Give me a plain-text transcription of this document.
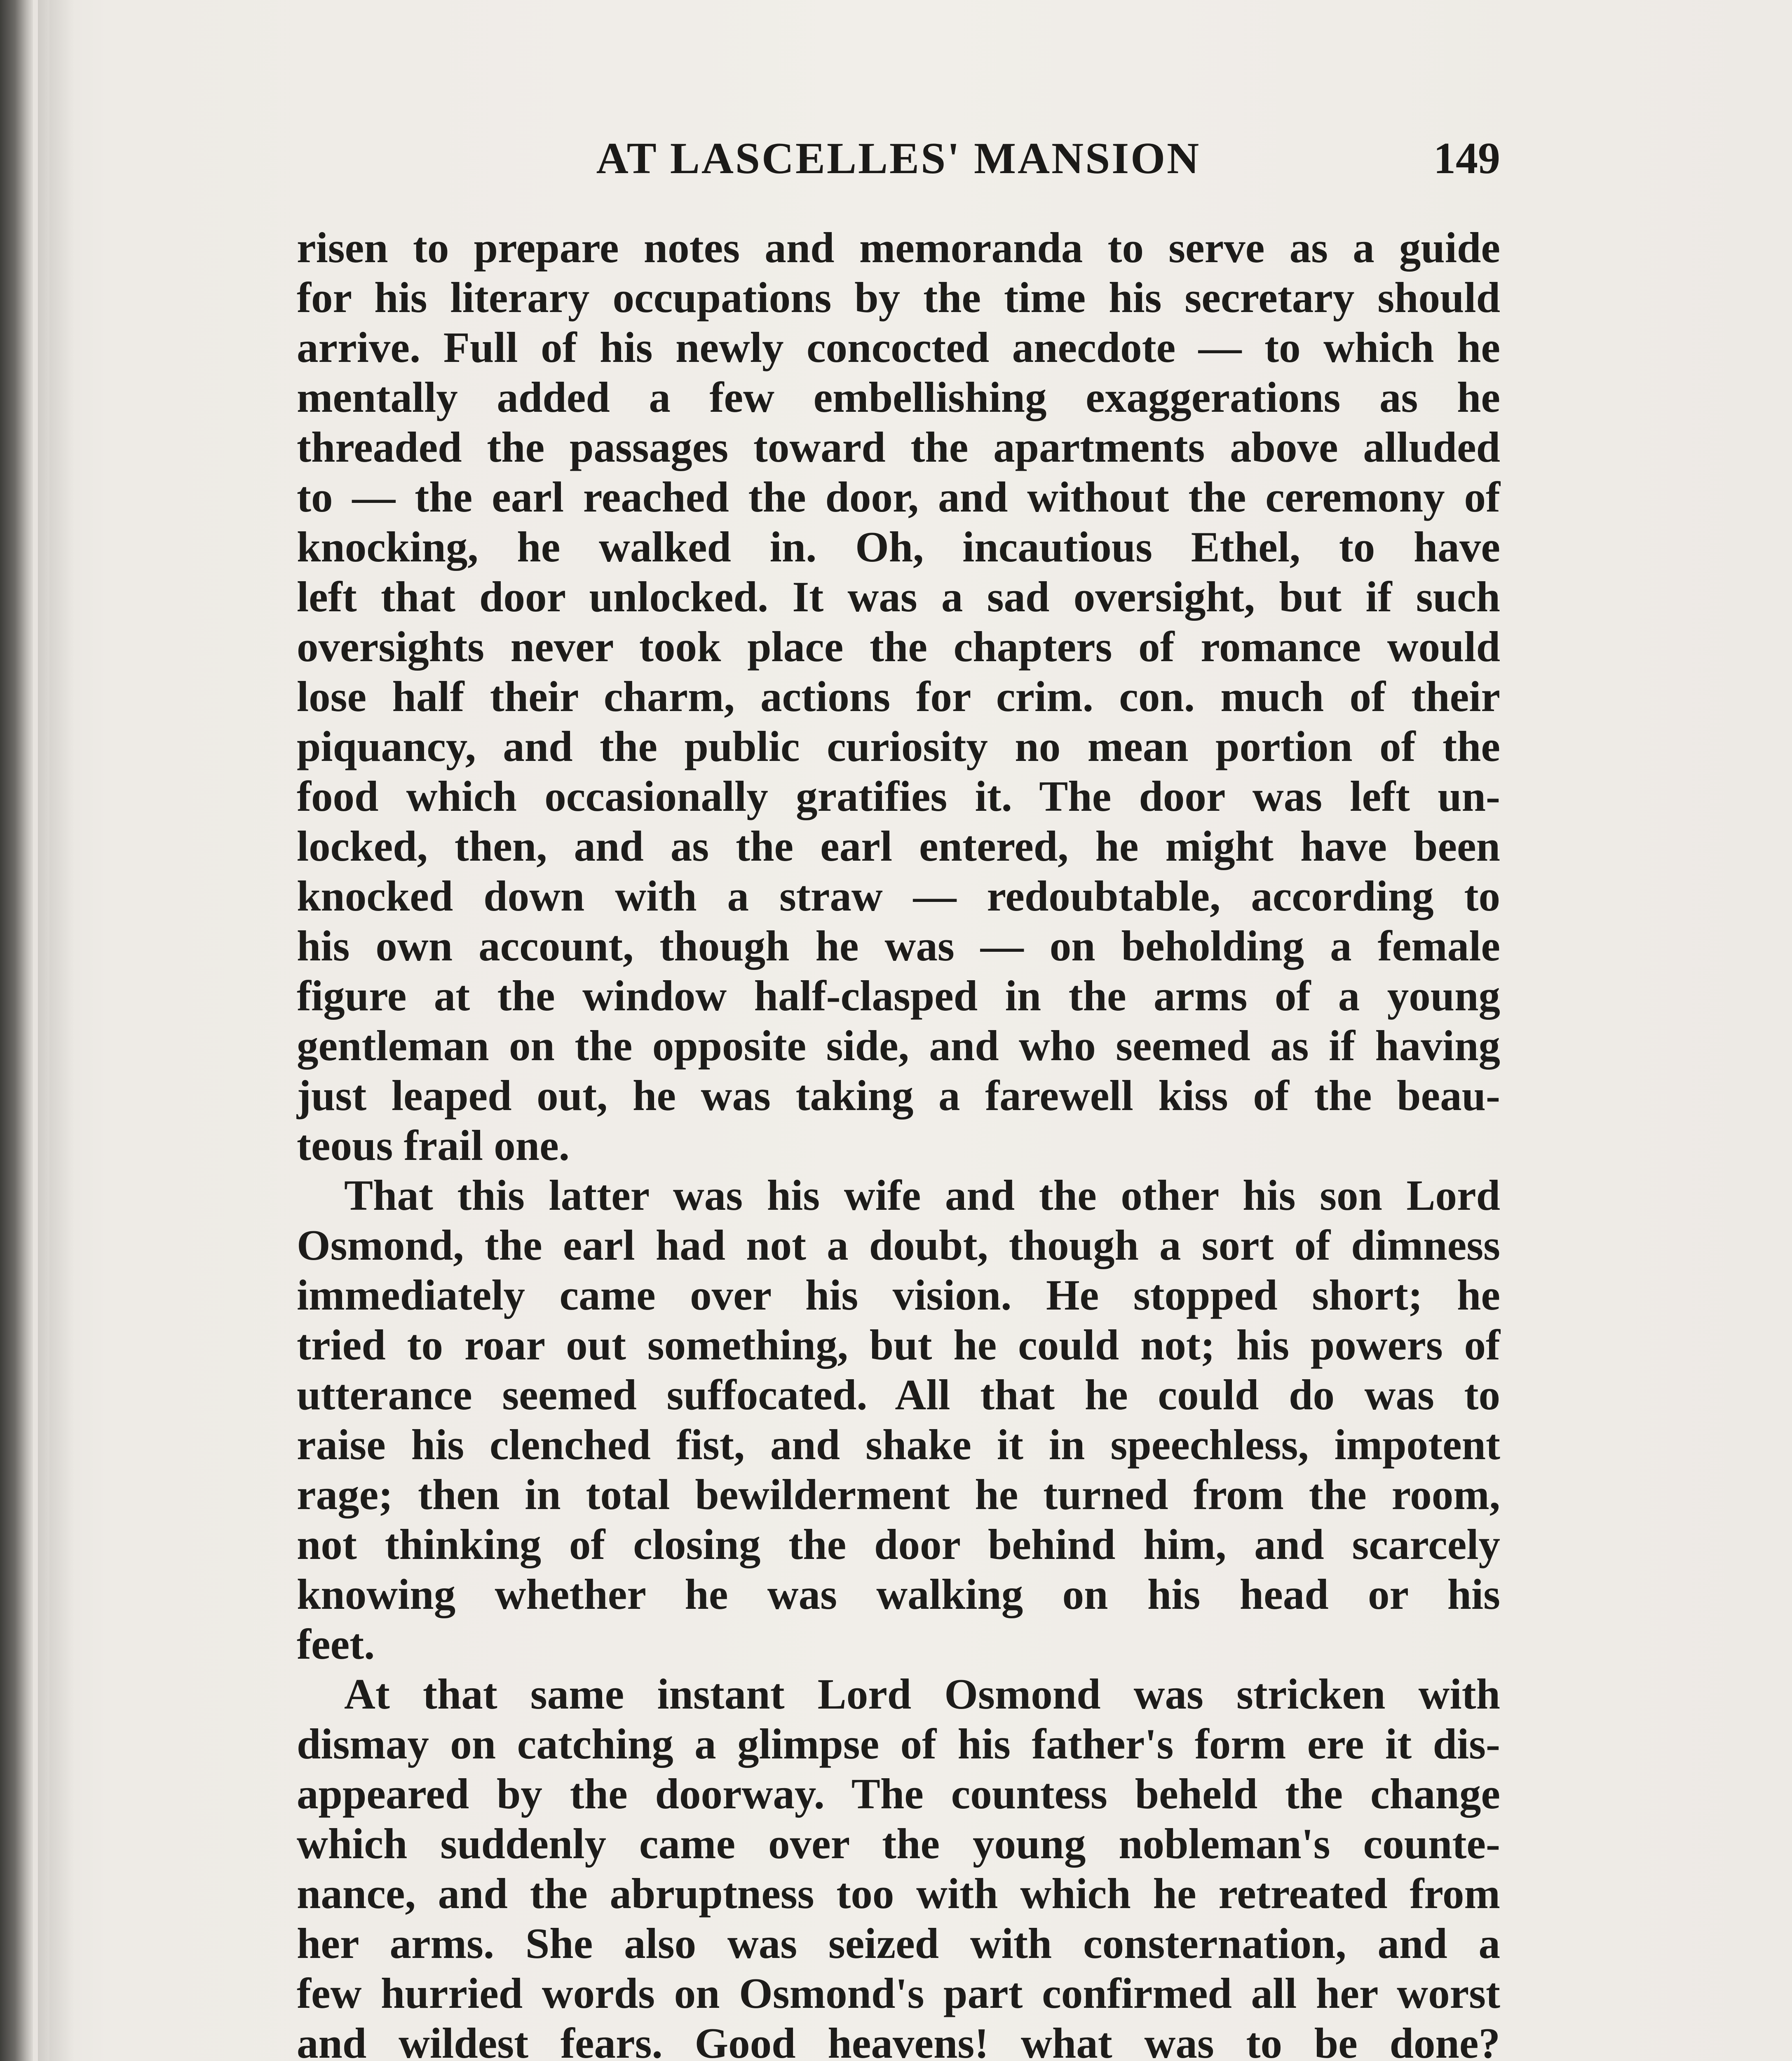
AT LASCELLES' MANSION	149
risen to prepare notes and memoranda to serve as a guide
for his literary occupations by the time his secretary should
arrive. Full of his newly concocted anecdote — to which he
mentally added a few embellishing exaggerations as he
threaded the passages toward the apartments above alluded
to — the earl reached the door, and without the ceremony of
knocking, he walked in. Oh, incautious Ethel, to have
left that door unlocked. It was a sad oversight, but if such
oversights never took place the chapters of romance would
lose half their charm, actions for crim. con. much of their
piquancy, and the public curiosity no mean portion of the
food which occasionally gratifies it. The door was left un-
locked, then, and as the earl entered, he might have been
knocked down with a straw — redoubtable, according to
his own account, though he was — on beholding a female
figure at the window half-clasped in the arms of a young
gentleman on the opposite side, and who seemed as if having
just leaped out, he was taking a farewell kiss of the beau-
teous frail one.
That this latter was his wife and the other his son Lord
Osmond, the earl had not a doubt, though a sort of dimness
immediately came over his vision. He stopped short; he
tried to roar out something, but he could not; his powers of
utterance seemed suffocated. All that he could do was to
raise his clenched fist, and shake it in speechless, impotent
rage; then in total bewilderment he turned from the room,
not thinking of closing the door behind him, and scarcely
knowing whether he was walking on his head or his
feet.
At that same instant Lord Osmond was stricken with
dismay on catching a glimpse of his father's form ere it dis-
appeared by the doorway. The countess beheld the change
which suddenly came over the young nobleman's counte-
nance, and the abruptness too with which he retreated from
her arms. She also was seized with consternation, and a
few hurried words on Osmond's part confirmed all her worst
and wildest fears. Good heavens! what was to be done?
